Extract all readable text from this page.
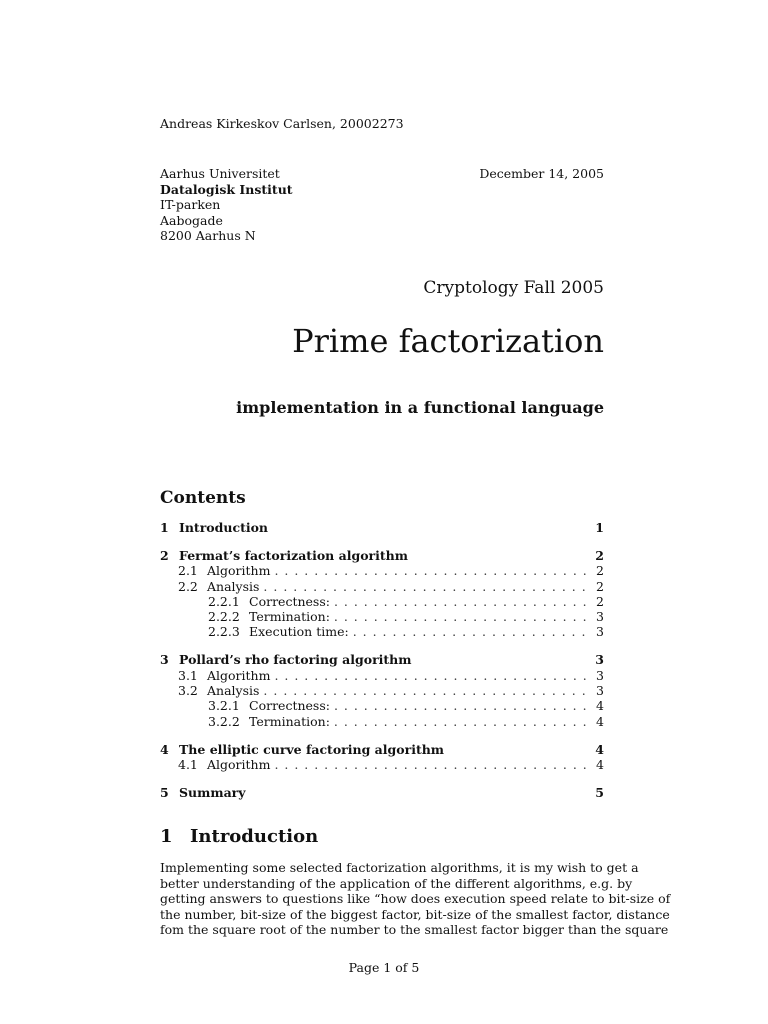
Andreas Kirkeskov Carlsen, 20002273
Aarhus Universitet
Datalogisk Institut
IT-parken
Aabogade
8200 Aarhus N
December 14, 2005
Cryptology Fall 2005
Prime factorization
implementation in a functional language
Contents
1 Introduction	1
2 Fermat’s factorization algorithm	2
2.1 Algorithm . . .	2
2.2 Analysis . . .	2
2.2.1 Correctness: . . .	2
2.2.2 Termination: . . .	3
2.2.3 Execution time: . . .	3
3 Pollard’s rho factoring algorithm	3
3.1 Algorithm . . .	3
3.2 Analysis . . .	3
3.2.1 Correctness: . . .	4
3.2.2 Termination: . . .	4
4 The elliptic curve factoring algorithm	4
4.1 Algorithm . . .	4
5 Summary	5
1 Introduction
Implementing some selected factorization algorithms, it is my wish to get a
better understanding of the application of the different algorithms, e.g. by
getting answers to questions like “how does execution speed relate to bit-size of
the number, bit-size of the biggest factor, bit-size of the smallest factor, distance
fom the square root of the number to the smallest factor bigger than the square
Page 1 of 5
